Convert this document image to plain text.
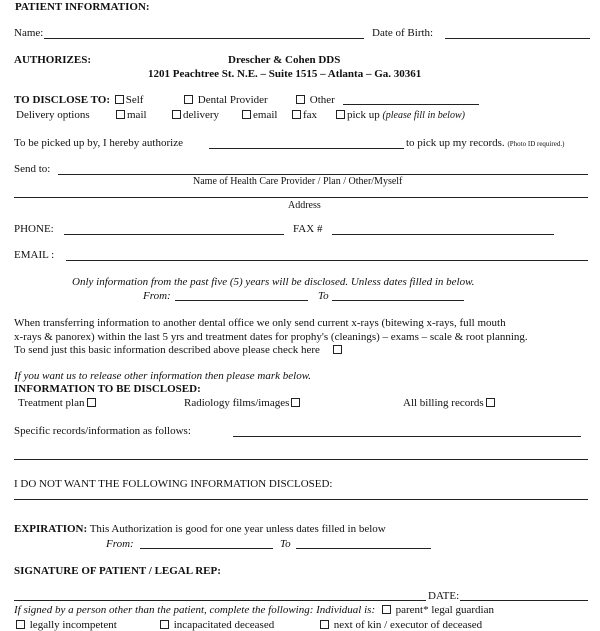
PATIENT INFORMATION:
Name:	Date of Birth:
AUTHORIZES:	Drescher & Cohen DDS
1201 Peachtree St. N.E. – Suite 1515 – Atlanta – Ga. 30361
TO DISCLOSE TO: Self	Dental Provider	Other
Delivery options	mail	delivery	email	fax	pick up (please fill in below)
To be picked up by, I hereby authorize	to pick up my records. (Photo ID required.)
Send to:
Name of Health Care Provider / Plan / Other/Myself
Address
PHONE:	FAX #
EMAIL :
Only information from the past five (5) years will be disclosed. Unless dates filled in below.
From:	To
When transferring information to another dental office we only send current x-rays (bitewing x-rays, full mouth
x-rays & panorex) within the last 5 yrs and treatment dates for prophy's (cleanings) – exams – scale & root planning.
To send just this basic information described above please check here
If you want us to release other information then please mark below.
INFORMATION TO BE DISCLOSED:
Treatment plan	Radiology films/images	All billing records
Specific records/information as follows:
I DO NOT WANT THE FOLLOWING INFORMATION DISCLOSED:
EXPIRATION: This Authorization is good for one year unless dates filled in below
From:	To
SIGNATURE OF PATIENT / LEGAL REP:
DATE:
If signed by a person other than the patient, complete the following: Individual is: parent* legal guardian
legally incompetent	incapacitated deceased	next of kin / executor of deceased
